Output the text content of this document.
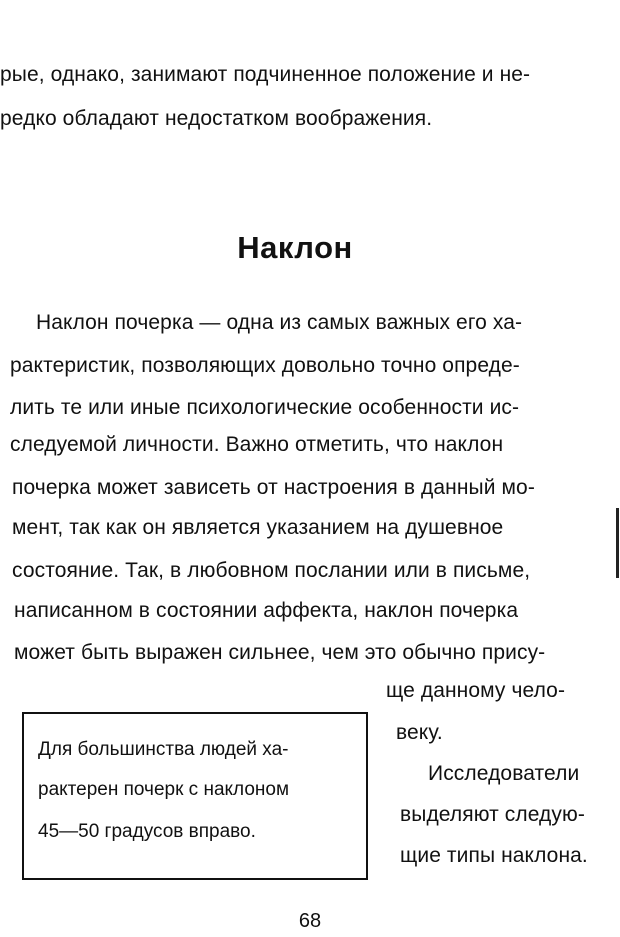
рые, однако, занимают подчиненное положение и не-
редко обладают недостатком воображения.
Наклон
Наклон почерка — одна из самых важных его ха-
рактеристик, позволяющих довольно точно опреде-
лить те или иные психологические особенности ис-
следуемой личности. Важно отметить, что наклон
почерка может зависеть от настроения в данный мо-
мент, так как он является указанием на душевное
состояние. Так, в любовном послании или в письме,
написанном в состоянии аффекта, наклон почерка
может быть выражен сильнее, чем это обычно прису-
ще данному чело-
веку.
Исследователи
выделяют следую-
щие типы наклона.
Для большинства людей ха-
рактерен почерк с наклоном
45—50 градусов вправо.
68
